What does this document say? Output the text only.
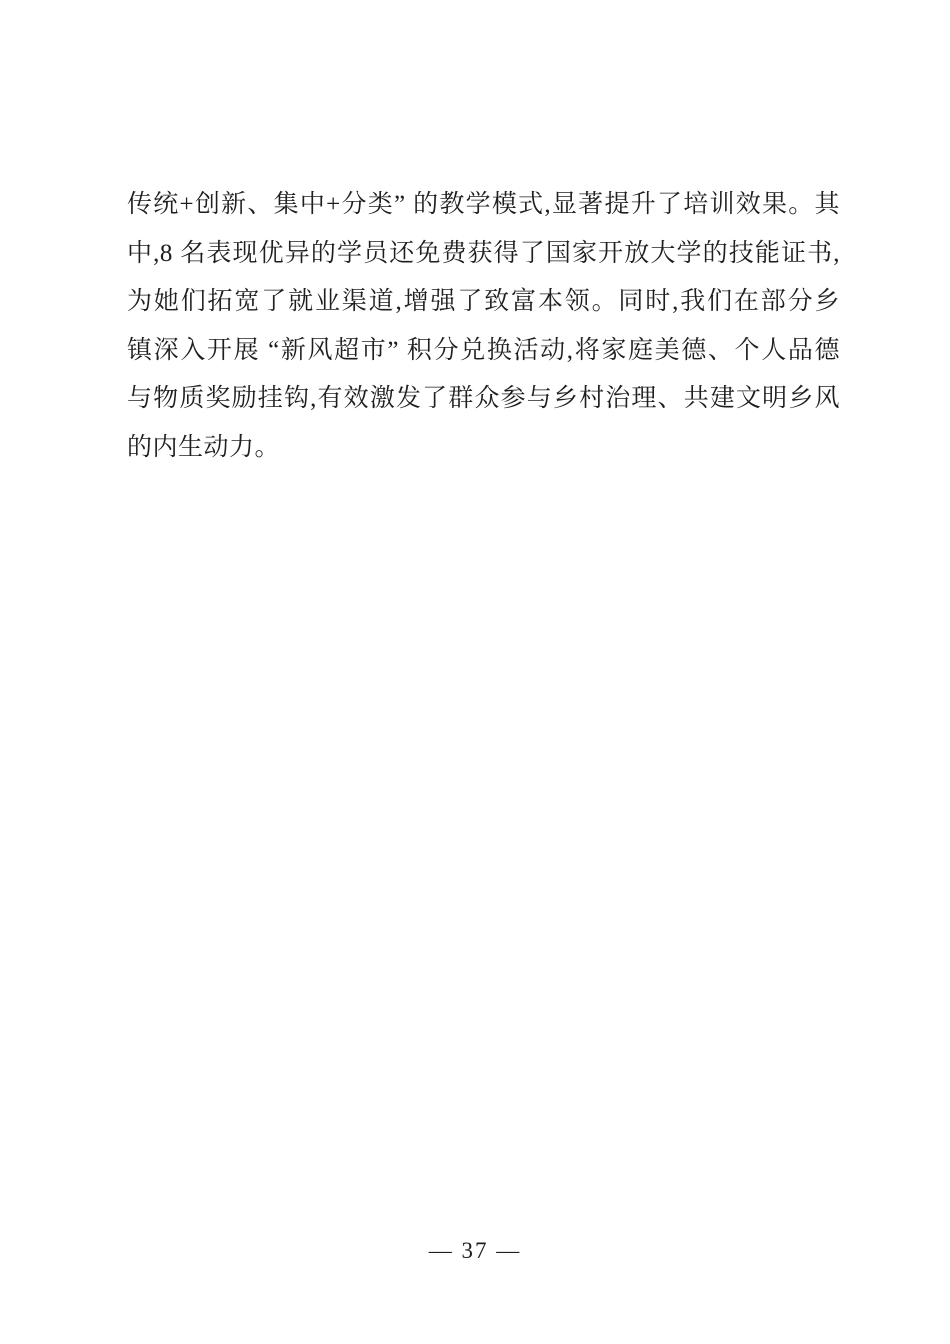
传统+创新、集中+分类” 的教学模式,显著提升了培训效果。其
中,8 名表现优异的学员还免费获得了国家开放大学的技能证书,
为她们拓宽了就业渠道,增强了致富本领。同时,我们在部分乡
镇深入开展 “新风超市” 积分兑换活动,将家庭美德、个人品德
与物质奖励挂钩,有效激发了群众参与乡村治理、共建文明乡风
的内生动力。
— 37 —
